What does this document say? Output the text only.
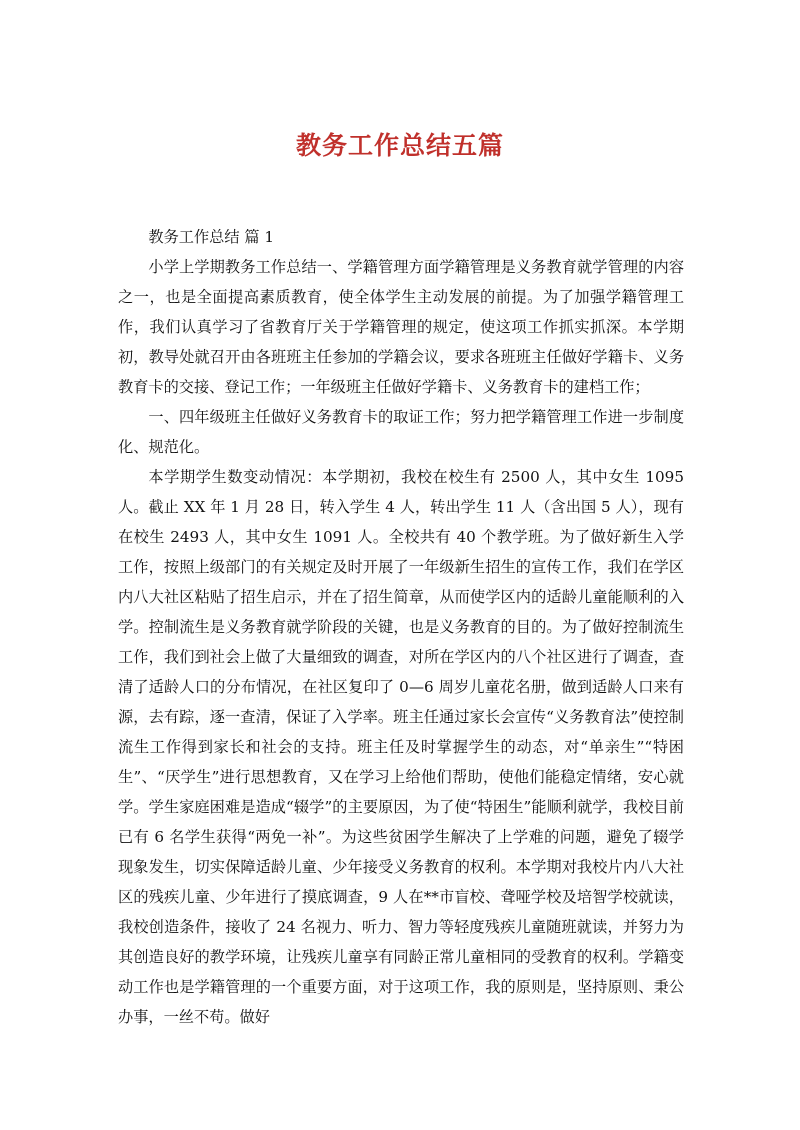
教务工作总结五篇

教务工作总结 篇 1

小学上学期教务工作总结一、学籍管理方面学籍管理是义务教育就学管理的内容之一，也是全面提高素质教育，使全体学生主动发展的前提。为了加强学籍管理工作，我们认真学习了省教育厅关于学籍管理的规定，使这项工作抓实抓深。本学期初，教导处就召开由各班班主任参加的学籍会议，要求各班班主任做好学籍卡、义务教育卡的交接、登记工作；一年级班主任做好学籍卡、义务教育卡的建档工作；

一、四年级班主任做好义务教育卡的取证工作；努力把学籍管理工作进一步制度化、规范化。

本学期学生数变动情况：本学期初，我校在校生有 2500 人，其中女生 1095 人。截止 XX 年 1 月 28 日，转入学生 4 人，转出学生 11 人（含出国 5 人），现有在校生 2493 人，其中女生 1091 人。全校共有 40 个教学班。为了做好新生入学工作，按照上级部门的有关规定及时开展了一年级新生招生的宣传工作，我们在学区内八大社区粘贴了招生启示，并在了招生简章，从而使学区内的适龄儿童能顺利的入学。控制流生是义务教育就学阶段的关键，也是义务教育的目的。为了做好控制流生工作，我们到社会上做了大量细致的调查，对所在学区内的八个社区进行了调查，查清了适龄人口的分布情况，在社区复印了 0—6 周岁儿童花名册，做到适龄人口来有源，去有踪，逐一查清，保证了入学率。班主任通过家长会宣传“义务教育法”使控制流生工作得到家长和社会的支持。班主任及时掌握学生的动态，对“单亲生”“特困生”、“厌学生”进行思想教育，又在学习上给他们帮助，使他们能稳定情绪，安心就学。学生家庭困难是造成“辍学”的主要原因，为了使“特困生”能顺利就学，我校目前已有 6 名学生获得“两免一补”。为这些贫困学生解决了上学难的问题，避免了辍学现象发生，切实保障适龄儿童、少年接受义务教育的权利。本学期对我校片内八大社区的残疾儿童、少年进行了摸底调查，9 人在**市盲校、聋哑学校及培智学校就读，我校创造条件，接收了 24 名视力、听力、智力等轻度残疾儿童随班就读，并努力为其创造良好的教学环境，让残疾儿童享有同龄正常儿童相同的受教育的权利。学籍变动工作也是学籍管理的一个重要方面，对于这项工作，我的原则是，坚持原则、秉公办事，一丝不苟。做好
